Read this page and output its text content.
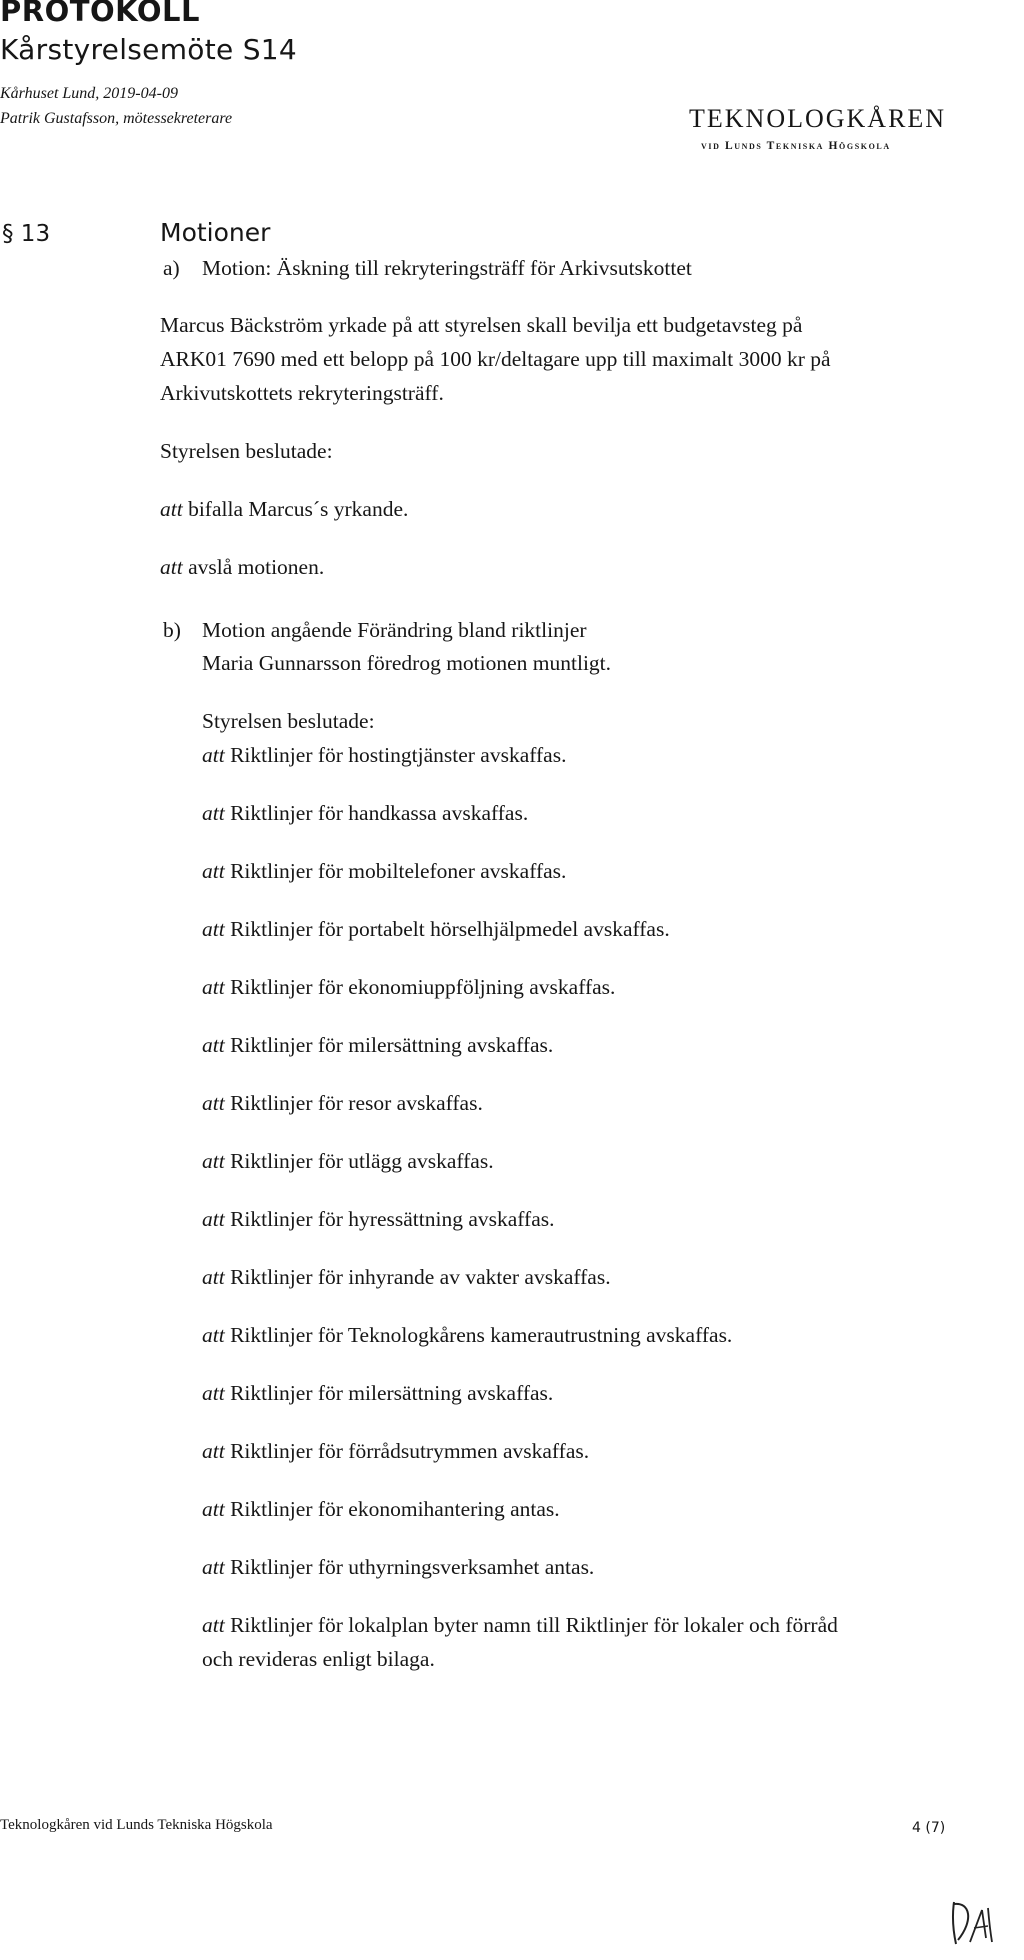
PROTOKOLL
Kårstyrelsemöte S14
Kårhuset Lund, 2019-04-09
Patrik Gustafsson, mötessekreterare	TEKNOLOGKÅREN
vid Lunds Tekniska Högskola
§ 13	Motioner
a) Motion: Äskning till rekryteringsträff för Arkivsutskottet
Marcus Bäckström yrkade på att styrelsen skall bevilja ett budgetavsteg på
ARK01 7690 med ett belopp på 100 kr/deltagare upp till maximalt 3000 kr på
Arkivutskottets rekryteringsträff.
Styrelsen beslutade:
att bifalla Marcus´s yrkande.
att avslå motionen.
b) Motion angående Förändring bland riktlinjer
Maria Gunnarsson föredrog motionen muntligt.
Styrelsen beslutade:
att Riktlinjer för hostingtjänster avskaffas.
att Riktlinjer för handkassa avskaffas.
att Riktlinjer för mobiltelefoner avskaffas.
att Riktlinjer för portabelt hörselhjälpmedel avskaffas.
att Riktlinjer för ekonomiuppföljning avskaffas.
att Riktlinjer för milersättning avskaffas.
att Riktlinjer för resor avskaffas.
att Riktlinjer för utlägg avskaffas.
att Riktlinjer för hyressättning avskaffas.
att Riktlinjer för inhyrande av vakter avskaffas.
att Riktlinjer för Teknologkårens kamerautrustning avskaffas.
att Riktlinjer för milersättning avskaffas.
att Riktlinjer för förrådsutrymmen avskaffas.
att Riktlinjer för ekonomihantering antas.
att Riktlinjer för uthyrningsverksamhet antas.
att Riktlinjer för lokalplan byter namn till Riktlinjer för lokaler och förråd
och revideras enligt bilaga.
Teknologkåren vid Lunds Tekniska Högskola	4 (7)
